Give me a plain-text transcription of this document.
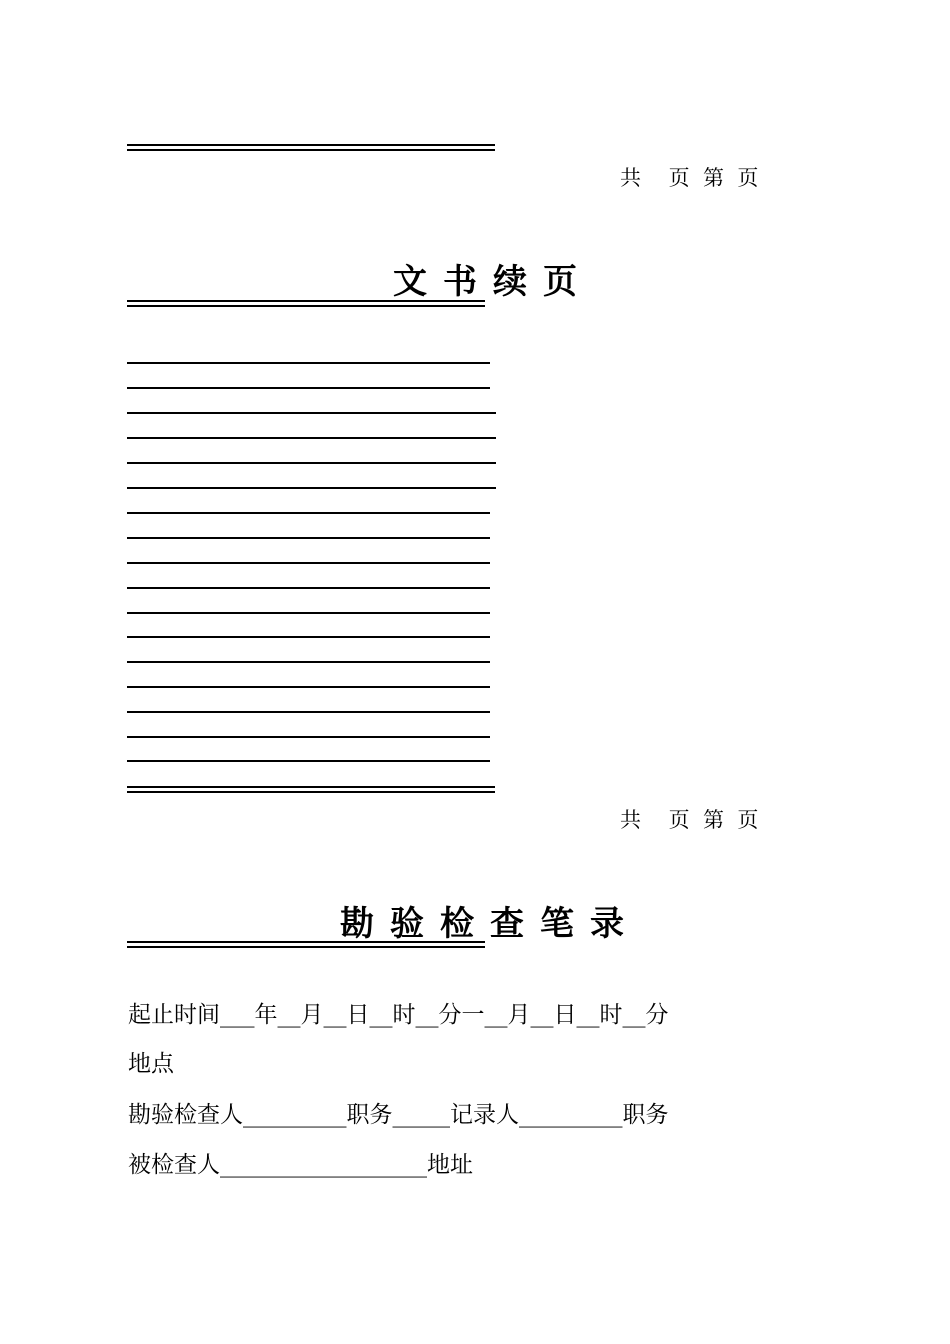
共　 页  第  页
文书续页
共　 页  第  页
勘验检查笔录
起止时间___年__月__日__时__分一__月__日__时__分
地点
勘验检查人_________职务_____记录人_________职务
被检查人__________________地址
